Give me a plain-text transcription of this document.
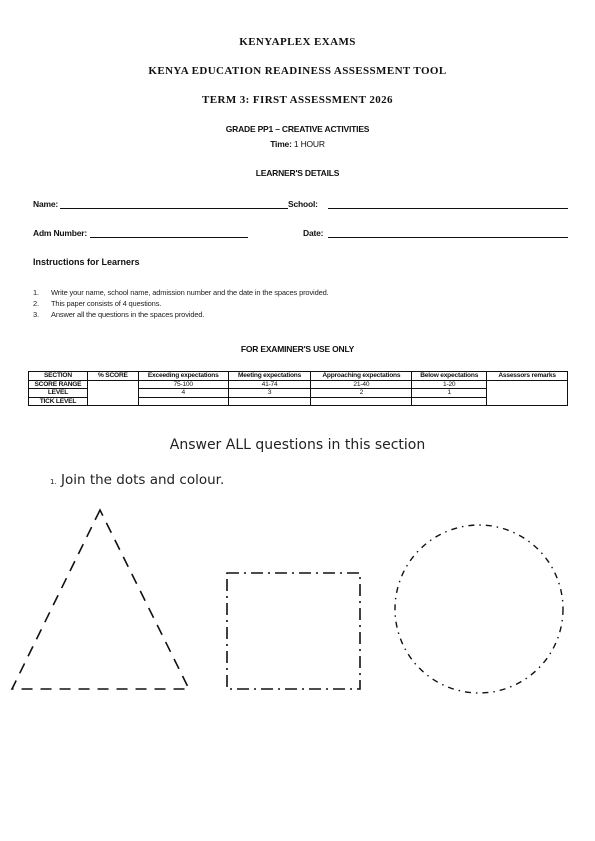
KENYAPLEX EXAMS
KENYA EDUCATION READINESS ASSESSMENT TOOL
TERM 3: FIRST ASSESSMENT 2026
GRADE PP1 – CREATIVE ACTIVITIES
Time: 1 HOUR
LEARNER'S DETAILS
Name:	School:
Adm Number:	Date:
Instructions for Learners
1. Write your name, school name, admission number and the date in the spaces provided.
2. This paper consists of 4 questions.
3. Answer all the questions in the spaces provided.
FOR EXAMINER'S USE ONLY
SECTION	% SCORE	Exceeding expectations	Meeting expectations	Approaching expectations	Below expectations	Assessors remarks
SCORE RANGE		75-100	41-74	21-40	1-20	
LEVEL		4	3	2	1	
TICK LEVEL						
Answer ALL questions in this section
1. Join the dots and colour.
